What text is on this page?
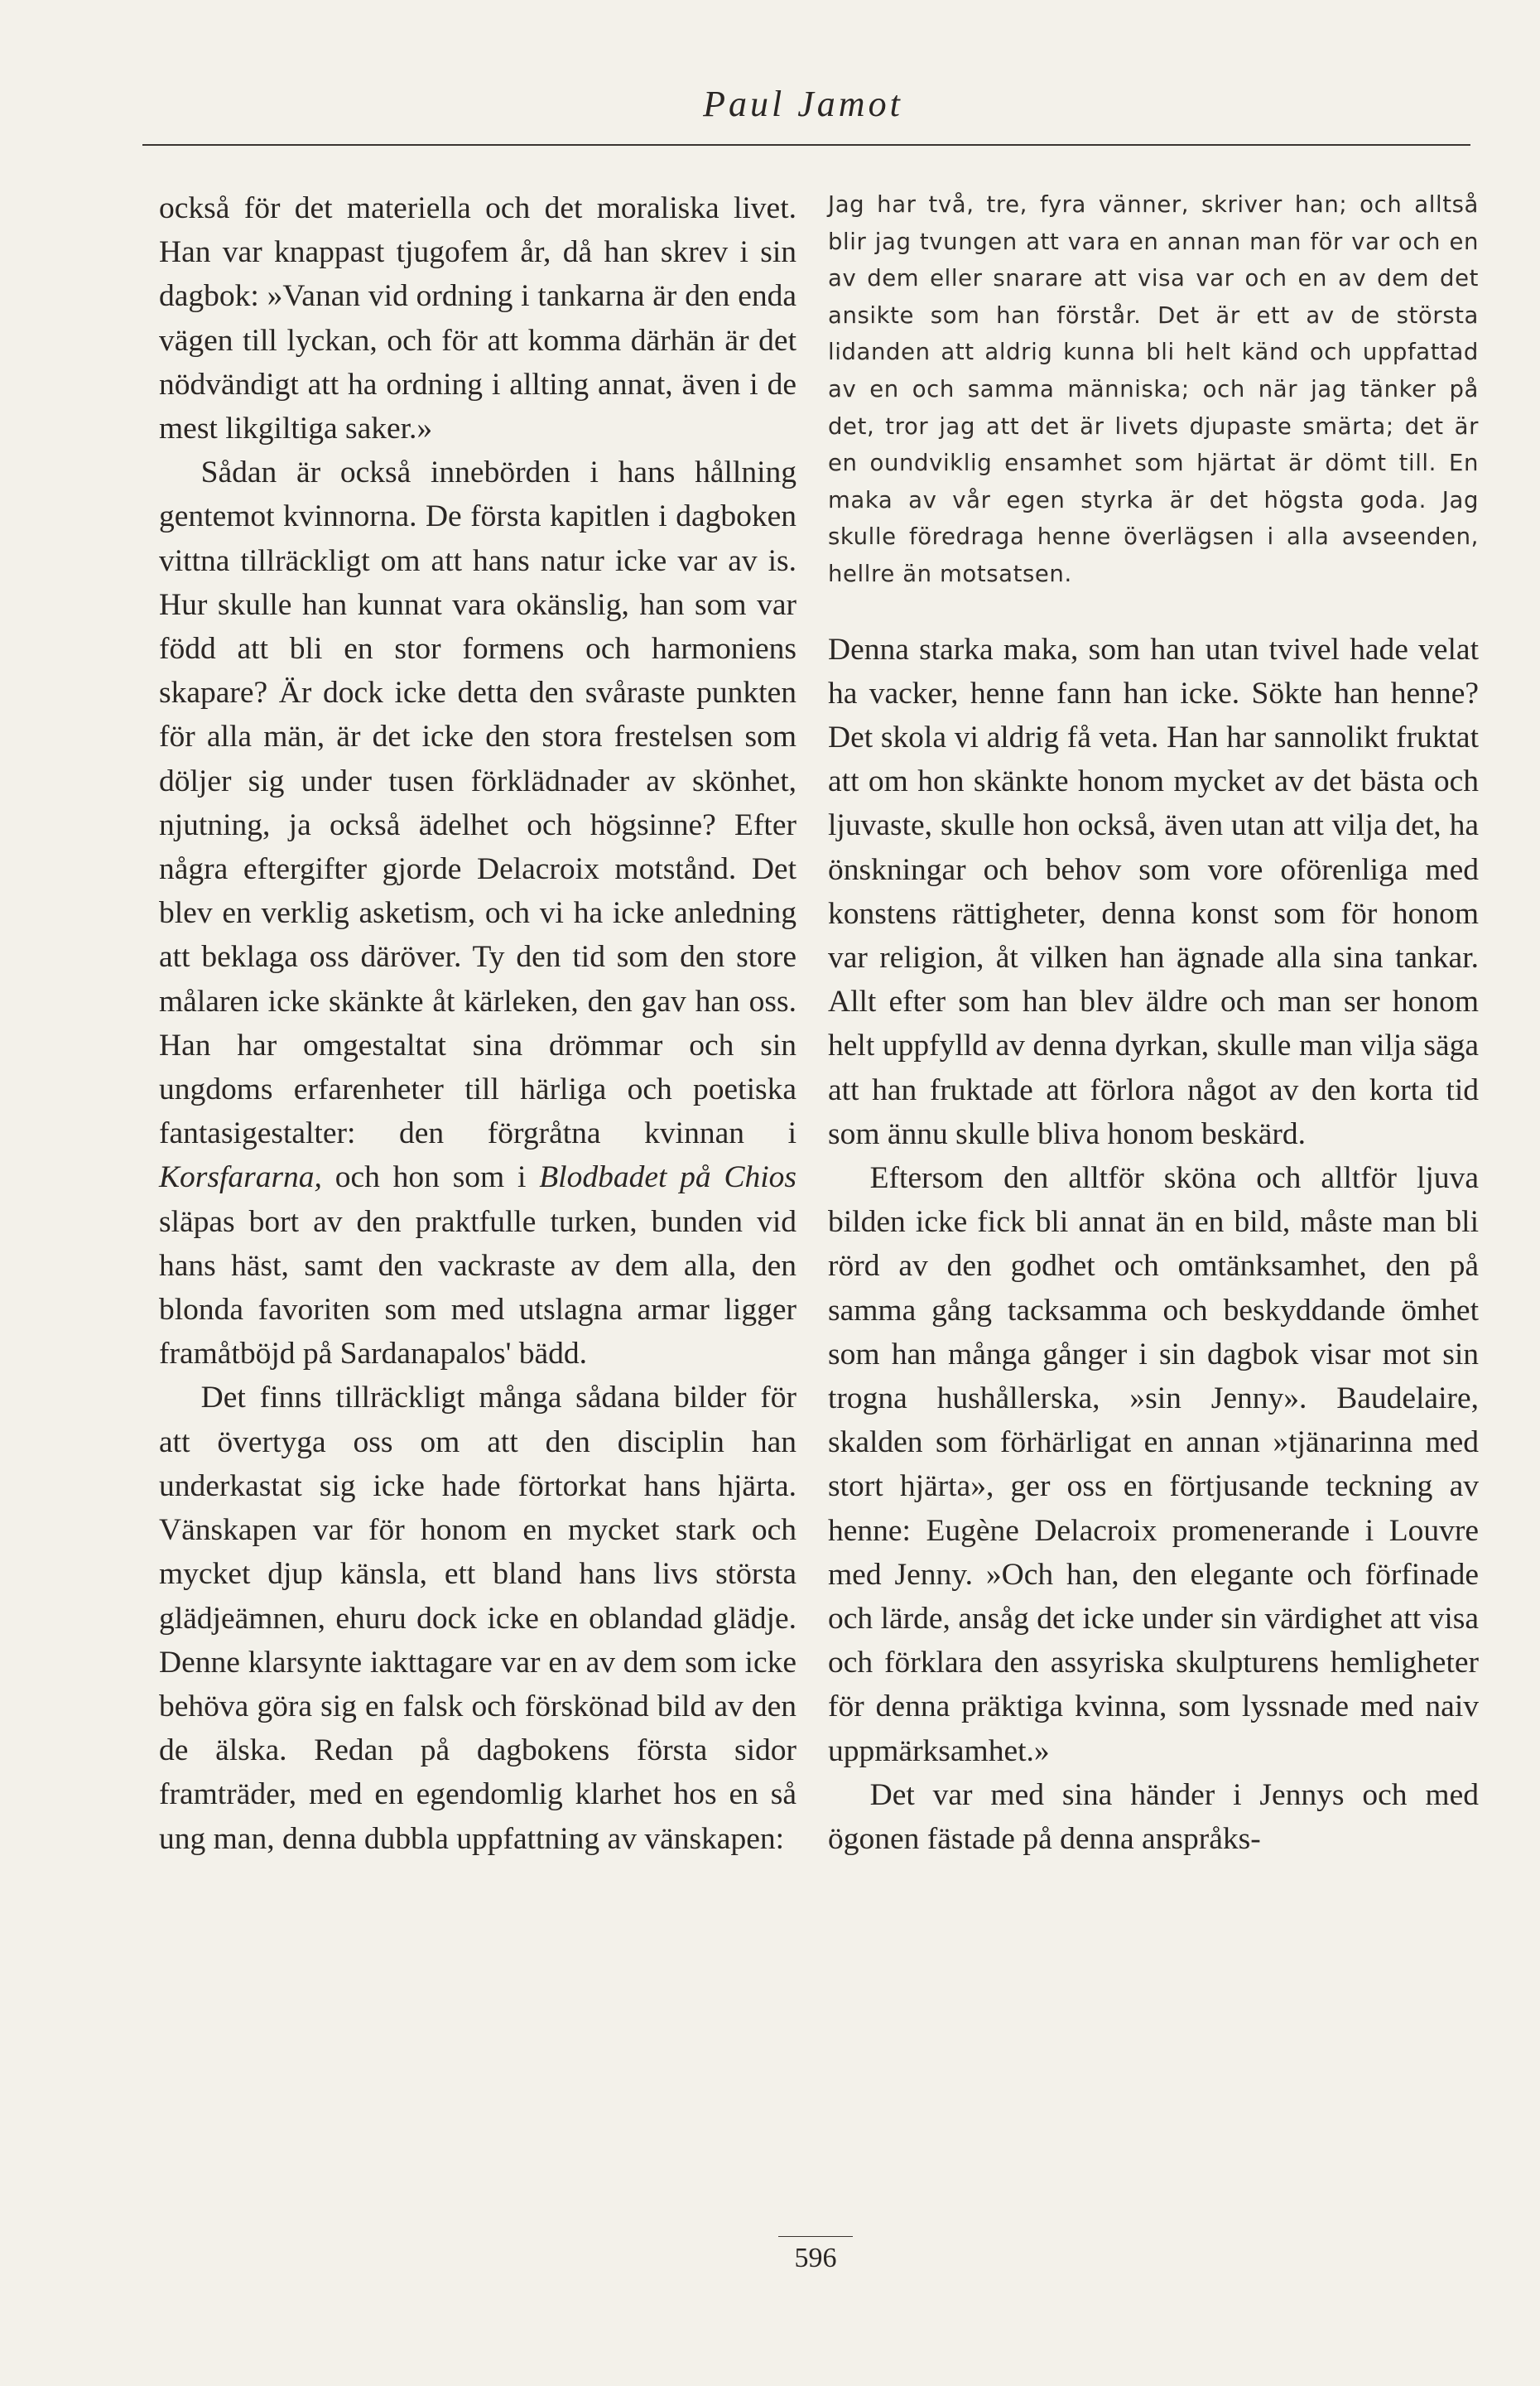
Paul Jamot

också för det materiella och det moraliska livet. Han var knappast tjugofem år, då han skrev i sin dagbok: »Vanan vid ordning i tankarna är den enda vägen till lyckan, och för att komma därhän är det nödvändigt att ha ordning i allting annat, även i de mest likgiltiga saker.»

Sådan är också innebörden i hans hållning gentemot kvinnorna. De första kapitlen i dagboken vittna tillräckligt om att hans natur icke var av is. Hur skulle han kunnat vara okänslig, han som var född att bli en stor formens och harmoniens skapare? Är dock icke detta den svåraste punkten för alla män, är det icke den stora frestelsen som döljer sig under tusen förklädnader av skönhet, njutning, ja också ädelhet och högsinne? Efter några eftergifter gjorde Delacroix motstånd. Det blev en verklig asketism, och vi ha icke anledning att beklaga oss däröver. Ty den tid som den store målaren icke skänkte åt kärleken, den gav han oss. Han har omgestaltat sina drömmar och sin ungdoms erfarenheter till härliga och poetiska fantasigestalter: den förgråtna kvinnan i Korsfararna, och hon som i Blodbadet på Chios släpas bort av den praktfulle turken, bunden vid hans häst, samt den vackraste av dem alla, den blonda favoriten som med utslagna armar ligger framåtböjd på Sardanapalos' bädd.

Det finns tillräckligt många sådana bilder för att övertyga oss om att den disciplin han underkastat sig icke hade förtorkat hans hjärta. Vänskapen var för honom en mycket stark och mycket djup känsla, ett bland hans livs största glädjeämnen, ehuru dock icke en oblandad glädje. Denne klarsynte iakttagare var en av dem som icke behöva göra sig en falsk och förskönad bild av den de älska. Redan på dagbokens första sidor framträder, med en egendomlig klarhet hos en så ung man, denna dubbla uppfattning av vänskapen:

Jag har två, tre, fyra vänner, skriver han; och alltså blir jag tvungen att vara en annan man för var och en av dem eller snarare att visa var och en av dem det ansikte som han förstår. Det är ett av de största lidanden att aldrig kunna bli helt känd och uppfattad av en och samma människa; och när jag tänker på det, tror jag att det är livets djupaste smärta; det är en oundviklig ensamhet som hjärtat är dömt till. En maka av vår egen styrka är det högsta goda. Jag skulle föredraga henne överlägsen i alla avseenden, hellre än motsatsen.

Denna starka maka, som han utan tvivel hade velat ha vacker, henne fann han icke. Sökte han henne? Det skola vi aldrig få veta. Han har sannolikt fruktat att om hon skänkte honom mycket av det bästa och ljuvaste, skulle hon också, även utan att vilja det, ha önskningar och behov som vore oförenliga med konstens rättigheter, denna konst som för honom var religion, åt vilken han ägnade alla sina tankar. Allt efter som han blev äldre och man ser honom helt uppfylld av denna dyrkan, skulle man vilja säga att han fruktade att förlora något av den korta tid som ännu skulle bliva honom beskärd.

Eftersom den alltför sköna och alltför ljuva bilden icke fick bli annat än en bild, måste man bli rörd av den godhet och omtänksamhet, den på samma gång tacksamma och beskyddande ömhet som han många gånger i sin dagbok visar mot sin trogna hushållerska, »sin Jenny». Baudelaire, skalden som förhärligat en annan »tjänarinna med stort hjärta», ger oss en förtjusande teckning av henne: Eugène Delacroix promenerande i Louvre med Jenny. »Och han, den elegante och förfinade och lärde, ansåg det icke under sin värdighet att visa och förklara den assyriska skulpturens hemligheter för denna präktiga kvinna, som lyssnade med naiv uppmärksamhet.»

Det var med sina händer i Jennys och med ögonen fästade på denna anspråks-

596
